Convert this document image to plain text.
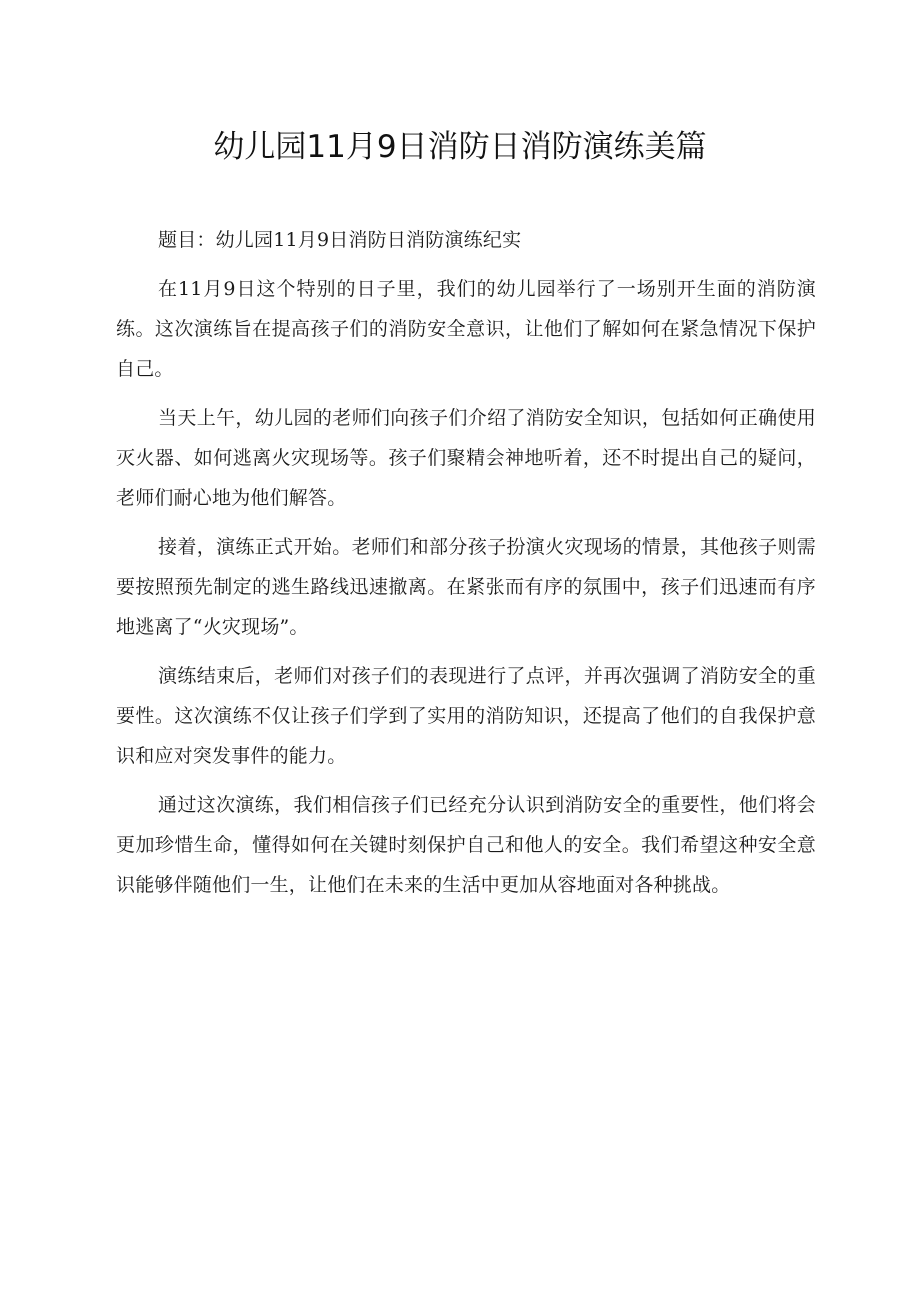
幼儿园11月9日消防日消防演练美篇

题目：幼儿园11月9日消防日消防演练纪实

在11月9日这个特别的日子里，我们的幼儿园举行了一场别开生面的消防演练。这次演练旨在提高孩子们的消防安全意识，让他们了解如何在紧急情况下保护自己。

当天上午，幼儿园的老师们向孩子们介绍了消防安全知识，包括如何正确使用灭火器、如何逃离火灾现场等。孩子们聚精会神地听着，还不时提出自己的疑问，老师们耐心地为他们解答。

接着，演练正式开始。老师们和部分孩子扮演火灾现场的情景，其他孩子则需要按照预先制定的逃生路线迅速撤离。在紧张而有序的氛围中，孩子们迅速而有序地逃离了“火灾现场”。

演练结束后，老师们对孩子们的表现进行了点评，并再次强调了消防安全的重要性。这次演练不仅让孩子们学到了实用的消防知识，还提高了他们的自我保护意识和应对突发事件的能力。

通过这次演练，我们相信孩子们已经充分认识到消防安全的重要性，他们将会更加珍惜生命，懂得如何在关键时刻保护自己和他人的安全。我们希望这种安全意识能够伴随他们一生，让他们在未来的生活中更加从容地面对各种挑战。
